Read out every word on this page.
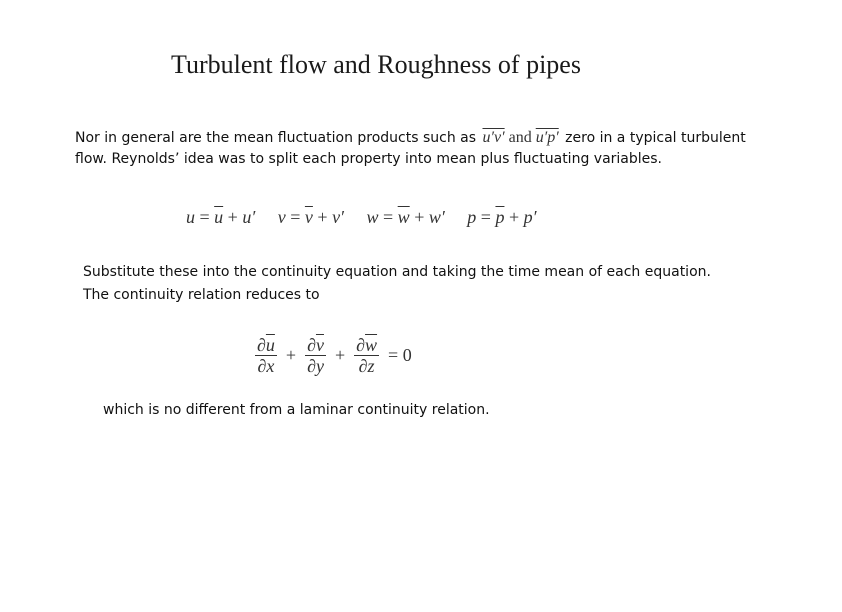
Turbulent flow and Roughness of pipes
Nor in general are the mean fluctuation products such as u′v′ and u′p′ zero in a typical turbulent
flow. Reynolds’ idea was to split each property into mean plus fluctuating variables.
$u = \overline{u} + u'$ $v = \overline{v} + v'$ $w = \overline{w} + w'$ $p = \overline{p} + p'$
Substitute these into the continuity equation and taking the time mean of each equation.
The continuity relation reduces to
$\frac{\partial\overline{u}}{\partial x} + \frac{\partial\overline{v}}{\partial y} + \frac{\partial\overline{w}}{\partial z} = 0$
which is no different from a laminar continuity relation.
